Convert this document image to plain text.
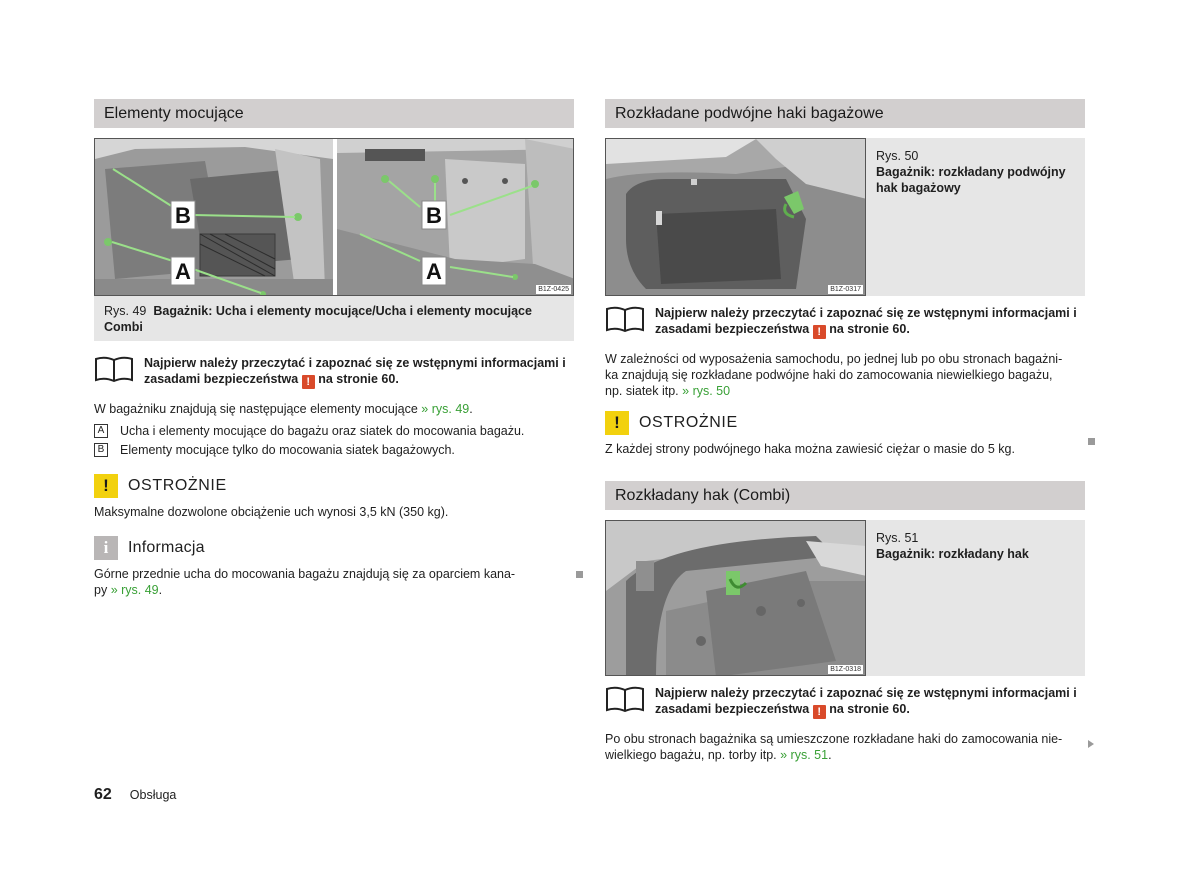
Elementy mocujące
B
A
B
A
B1Z-0425
Rys. 49 Bagażnik: Ucha i elementy mocujące/Ucha i elementy mocujące Combi
Najpierw należy przeczytać i zapoznać się ze wstępnymi informacjami i zasadami bezpieczeństwa ! na stronie 60.
W bagażniku znajdują się następujące elementy mocujące » rys. 49.
A Ucha i elementy mocujące do bagażu oraz siatek do mocowania bagażu.
B Elementy mocujące tylko do mocowania siatek bagażowych.
!	OSTROŻNIE
Maksymalne dozwolone obciążenie uch wynosi 3,5 kN (350 kg).
i	Informacja
Górne przednie ucha do mocowania bagażu znajdują się za oparciem kana-
py » rys. 49.
Rozkładane podwójne haki bagażowe
B1Z-0317
Rys. 50
Bagażnik: rozkładany podwójny hak bagażowy
Najpierw należy przeczytać i zapoznać się ze wstępnymi informacjami i zasadami bezpieczeństwa ! na stronie 60.
W zależności od wyposażenia samochodu, po jednej lub po obu stronach bagażni-
ka znajdują się rozkładane podwójne haki do zamocowania niewielkiego bagażu,
np. siatek itp. » rys. 50
!	OSTROŻNIE
Z każdej strony podwójnego haka można zawiesić ciężar o masie do 5 kg.
Rozkładany hak (Combi)
B1Z-0318
Rys. 51
Bagażnik: rozkładany hak
Najpierw należy przeczytać i zapoznać się ze wstępnymi informacjami i zasadami bezpieczeństwa ! na stronie 60.
Po obu stronach bagażnika są umieszczone rozkładane haki do zamocowania nie-
wielkiego bagażu, np. torby itp. » rys. 51.
62 Obsługa
